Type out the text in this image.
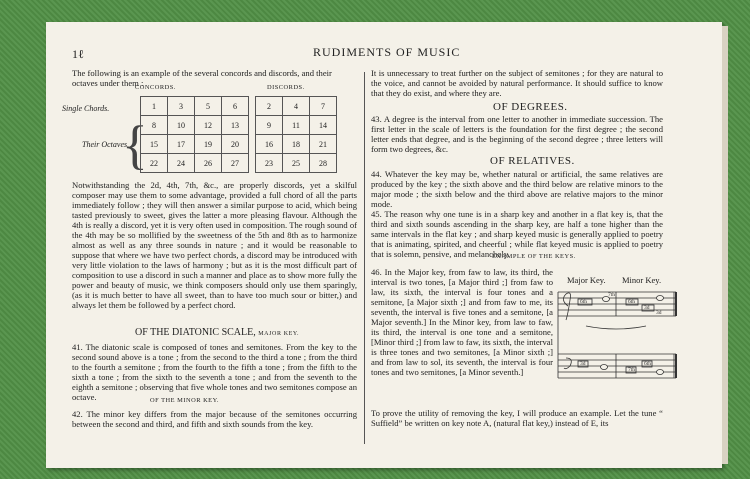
1ℓ	RUDIMENTS OF MUSIC
The following is an example of the several concords and discords, and their octaves under them :
CONCORDS.	DISCORDS.
Single Chords.
Their Octaves.
{
1	3	5	6		2	4	7
8	10	12	13		9	11	14
15	17	19	20		16	18	21
22	24	26	27		23	25	28

Notwithstanding the 2d, 4th, 7th, &c., are properly discords, yet a skilful composer may use them to some advantage, provided a full chord of all the parts immediately follow ; they will then answer a similar purpose to acid, which being tasted previously to sweet, gives the latter a more pleasing flavour. Although the 4th is really a discord, yet it is very often used in composition. The rough sound of the 4th may be so mollified by the sweetness of the 5th and 8th as to harmonize almost as well as any three sounds in nature ; and it would be reasonable to suppose that where we have two perfect chords, a discord may be introduced with very little violation to the laws of harmony ; but as it is the most difficult part of composition to use a discord in such a manner and place as to show more fully the power and beauty of music, we think composers should only use them sparingly, (as it is much better to have all sweet, than to have too much sour or bitter,) and always let them be followed by a perfect chord.

OF THE DIATONIC SCALE, MAJOR KEY.

41. The diatonic scale is composed of tones and semitones. From the key to the second sound above is a tone ; from the second to the third a tone ; from the third to the fourth a semitone ; from the fourth to the fifth a tone ; from the fifth to the sixth a tone ; from the sixth to the seventh a tone ; and from the seventh to the eighth a semitone ; observing that five whole tones and two semitones compose an octave.	OF THE MINOR KEY.

42. The minor key differs from the major because of the semitones occurring between the second and third, and fifth and sixth sounds from the key.

It is unnecessary to treat further on the subject of semitones ; for they are natural to the voice, and cannot be avoided by natural performance. It should suffice to know that they do exist, and where they are.

OF DEGREES.

43. A degree is the interval from one letter to another in immediate succession. The first letter in the scale of letters is the foundation for the first degree ; the second letter ends that degree, and is the beginning of the second degree ; three letters will form two degrees, &c.

OF RELATIVES.

44. Whatever the key may be, whether natural or artificial, the same relatives are produced by the key ; the sixth above and the third below are relative minors to the major mode ; the sixth below and the third above are relative majors to the minor mode.

45. The reason why one tune is in a sharp key and another in a flat key is, that the third and sixth sounds ascending in the sharp key, are half a tone higher than the same intervals in the flat key ; and sharp keyed music is generally applied to poetry that is animating, spirited, and cheerful ; while flat keyed music is applied to poetry that is solemn, pensive, and melancholy.

EXAMPLE OF THE KEYS.

46. In the Major key, from faw to law, its third, the interval is two tones, [a Major third ;] from faw to law, its sixth, the interval is four tones and a semitone, [a Major sixth ;] and from faw to me, its seventh, the interval is five tones and a semitone, [a Major seventh.] In the Minor key, from law to faw, its third, the interval is one tone and a semitone, [Minor third ;] from law to faw, its sixth, the interval is three tones and two semitones, [a Minor sixth ;] and from law to sol, its seventh, the interval is four tones and two semitones, [a Minor seventh.]

Major Key. Minor Key.
6th
7th
6th
3d
3d
7th
6th
3d

To prove the utility of removing the key, I will produce an example. Let the tune “ Suffield” be written on key note A, (natural flat key,) instead of E, its
